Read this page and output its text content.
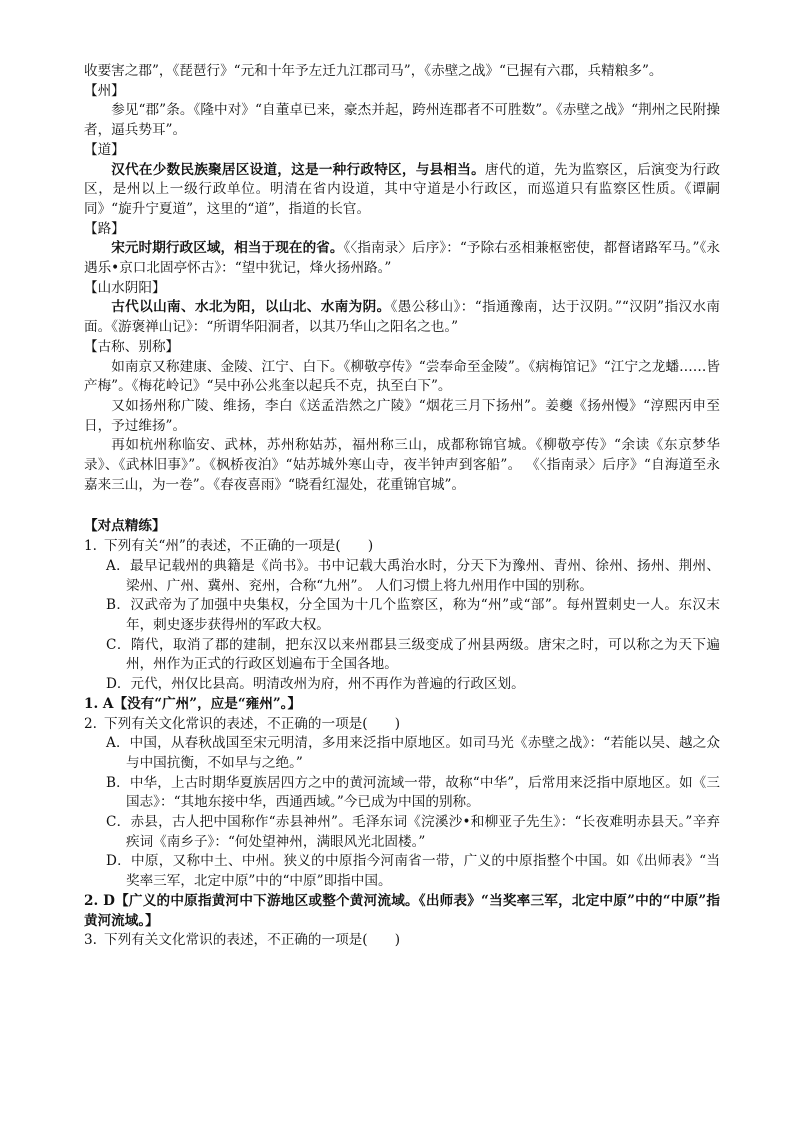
收要害之郡”，《琵琶行》“元和十年予左迁九江郡司马”，《赤壁之战》“已握有六郡，兵精粮多”。

【州】

参见“郡”条。《隆中对》“自董卓已来，豪杰并起，跨州连郡者不可胜数”。《赤壁之战》“荆州之民附操者，逼兵势耳”。

【道】

汉代在少数民族聚居区设道，这是一种行政特区，与县相当。唐代的道，先为监察区，后演变为行政区，是州以上一级行政单位。明清在省内设道，其中守道是小行政区，而巡道只有监察区性质。《谭嗣同》“旋升宁夏道”，这里的“道”，指道的长官。

【路】

宋元时期行政区域，相当于现在的省。《〈指南录〉后序》：“予除右丞相兼枢密使，都督诸路军马。”《永遇乐•京口北固亭怀古》：“望中犹记，烽火扬州路。”

【山水阴阳】

古代以山南、水北为阳，以山北、水南为阴。《愚公移山》：“指通豫南，达于汉阴。”“汉阴”指汉水南面。《游褒禅山记》：“所谓华阳洞者，以其乃华山之阳名之也。”

【古称、别称】

如南京又称建康、金陵、江宁、白下。《柳敬亭传》“尝奉命至金陵”。《病梅馆记》“江宁之龙蟠……皆产梅”。《梅花岭记》“吴中孙公兆奎以起兵不克，执至白下”。

又如扬州称广陵、维扬，李白《送孟浩然之广陵》“烟花三月下扬州”。姜夔《扬州慢》“淳熙丙申至日，予过维扬”。

再如杭州称临安、武林，苏州称姑苏，福州称三山，成都称锦官城。《柳敬亭传》“余读《东京梦华录》、《武林旧事》”。《枫桥夜泊》“姑苏城外寒山寺，夜半钟声到客船”。 《〈指南录〉后序》“自海道至永嘉来三山，为一卷”。《春夜喜雨》“晓看红湿处，花重锦官城”。

【对点精练】

1. 下列有关“州”的表述，不正确的一项是(　　)

A．最早记载州的典籍是《尚书》。书中记载大禹治水时，分天下为豫州、青州、徐州、扬州、荆州、梁州、广州、冀州、兖州，合称“九州”。 人们习惯上将九州用作中国的别称。

B．汉武帝为了加强中央集权，分全国为十几个监察区，称为“州”或“部”。每州置刺史一人。东汉末年，刺史逐步获得州的军政大权。

C．隋代，取消了郡的建制，把东汉以来州郡县三级变成了州县两级。唐宋之时，可以称之为天下遍州，州作为正式的行政区划遍布于全国各地。

D．元代，州仅比县高。明清改州为府，州不再作为普遍的行政区划。

1. A【没有“广州”，应是“雍州”。】

2. 下列有关文化常识的表述，不正确的一项是(　　)

A．中国，从春秋战国至宋元明清，多用来泛指中原地区。如司马光《赤壁之战》：“若能以吴、越之众与中国抗衡，不如早与之绝。”

B．中华，上古时期华夏族居四方之中的黄河流域一带，故称“中华”，后常用来泛指中原地区。如《三国志》：“其地东接中华，西通西域。”今已成为中国的别称。

C．赤县，古人把中国称作“赤县神州”。毛泽东词《浣溪沙•和柳亚子先生》：“长夜难明赤县天。”辛弃疾词《南乡子》：“何处望神州，满眼风光北固楼。”

D．中原，又称中土、中州。狭义的中原指今河南省一带，广义的中原指整个中国。如《出师表》“当奖率三军，北定中原”中的“中原”即指中国。

2. D【广义的中原指黄河中下游地区或整个黄河流域。《出师表》“当奖率三军，北定中原”中的“中原”指黄河流域。】

3. 下列有关文化常识的表述，不正确的一项是(　　)
